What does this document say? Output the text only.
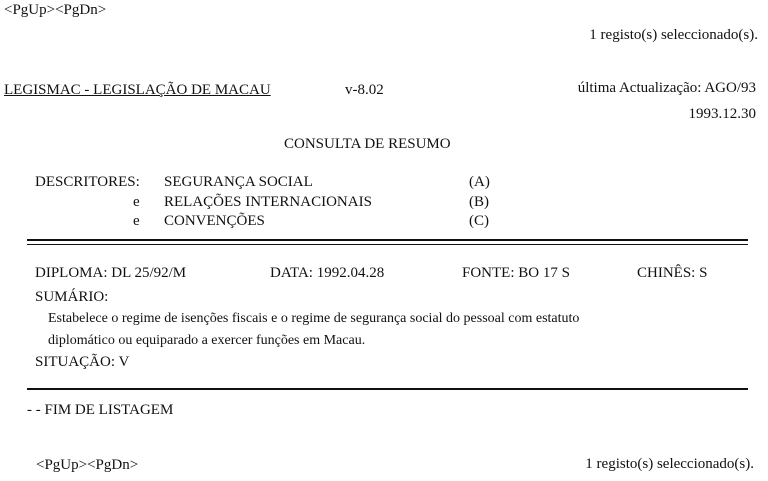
<PgUp><PgDn>
1 registo(s) seleccionado(s).
LEGISMAC - LEGISLAÇÃO DE MACAU	v-8.02	última Actualização: AGO/93
1993.12.30
CONSULTA DE RESUMO
DESCRITORES: SEGURANÇA SOCIAL	(A)
e RELAÇÕES INTERNACIONAIS	(B)
e CONVENÇÕES	(C)
DIPLOMA: DL 25/92/M	DATA: 1992.04.28	FONTE: BO 17 S	CHINÊS: S
SUMÁRIO:
Estabelece o regime de isenções fiscais e o regime de segurança social do pessoal com estatuto
diplomático ou equiparado a exercer funções em Macau.
SITUAÇÃO: V
- - FIM DE LISTAGEM
<PgUp><PgDn>	1 registo(s) seleccionado(s).
